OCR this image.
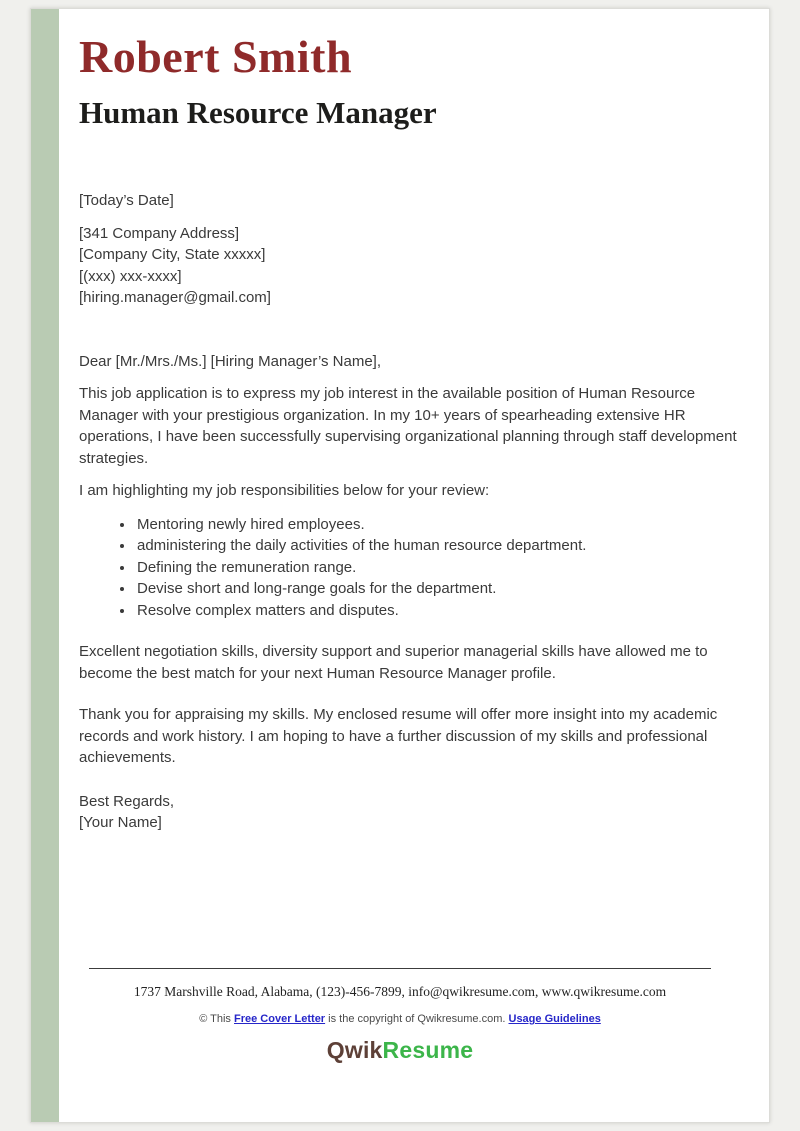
Robert Smith
Human Resource Manager

[Today’s Date]

[341 Company Address]
[Company City, State xxxxx]
[(xxx) xxx-xxxx]
[hiring.manager@gmail.com]

Dear [Mr./Mrs./Ms.] [Hiring Manager’s Name],

This job application is to express my job interest in the available position of Human Resource Manager with your prestigious organization. In my 10+ years of spearheading extensive HR operations, I have been successfully supervising organizational planning through staff development strategies.

I am highlighting my job responsibilities below for your review:

• Mentoring newly hired employees.
• administering the daily activities of the human resource department.
• Defining the remuneration range.
• Devise short and long-range goals for the department.
• Resolve complex matters and disputes.

Excellent negotiation skills, diversity support and superior managerial skills have allowed me to become the best match for your next Human Resource Manager profile.

Thank you for appraising my skills. My enclosed resume will offer more insight into my academic records and work history. I am hoping to have a further discussion of my skills and professional achievements.

Best Regards,

[Your Name]

1737 Marshville Road, Alabama, (123)-456-7899, info@qwikresume.com, www.qwikresume.com
© This Free Cover Letter is the copyright of Qwikresume.com. Usage Guidelines
QwikResume
